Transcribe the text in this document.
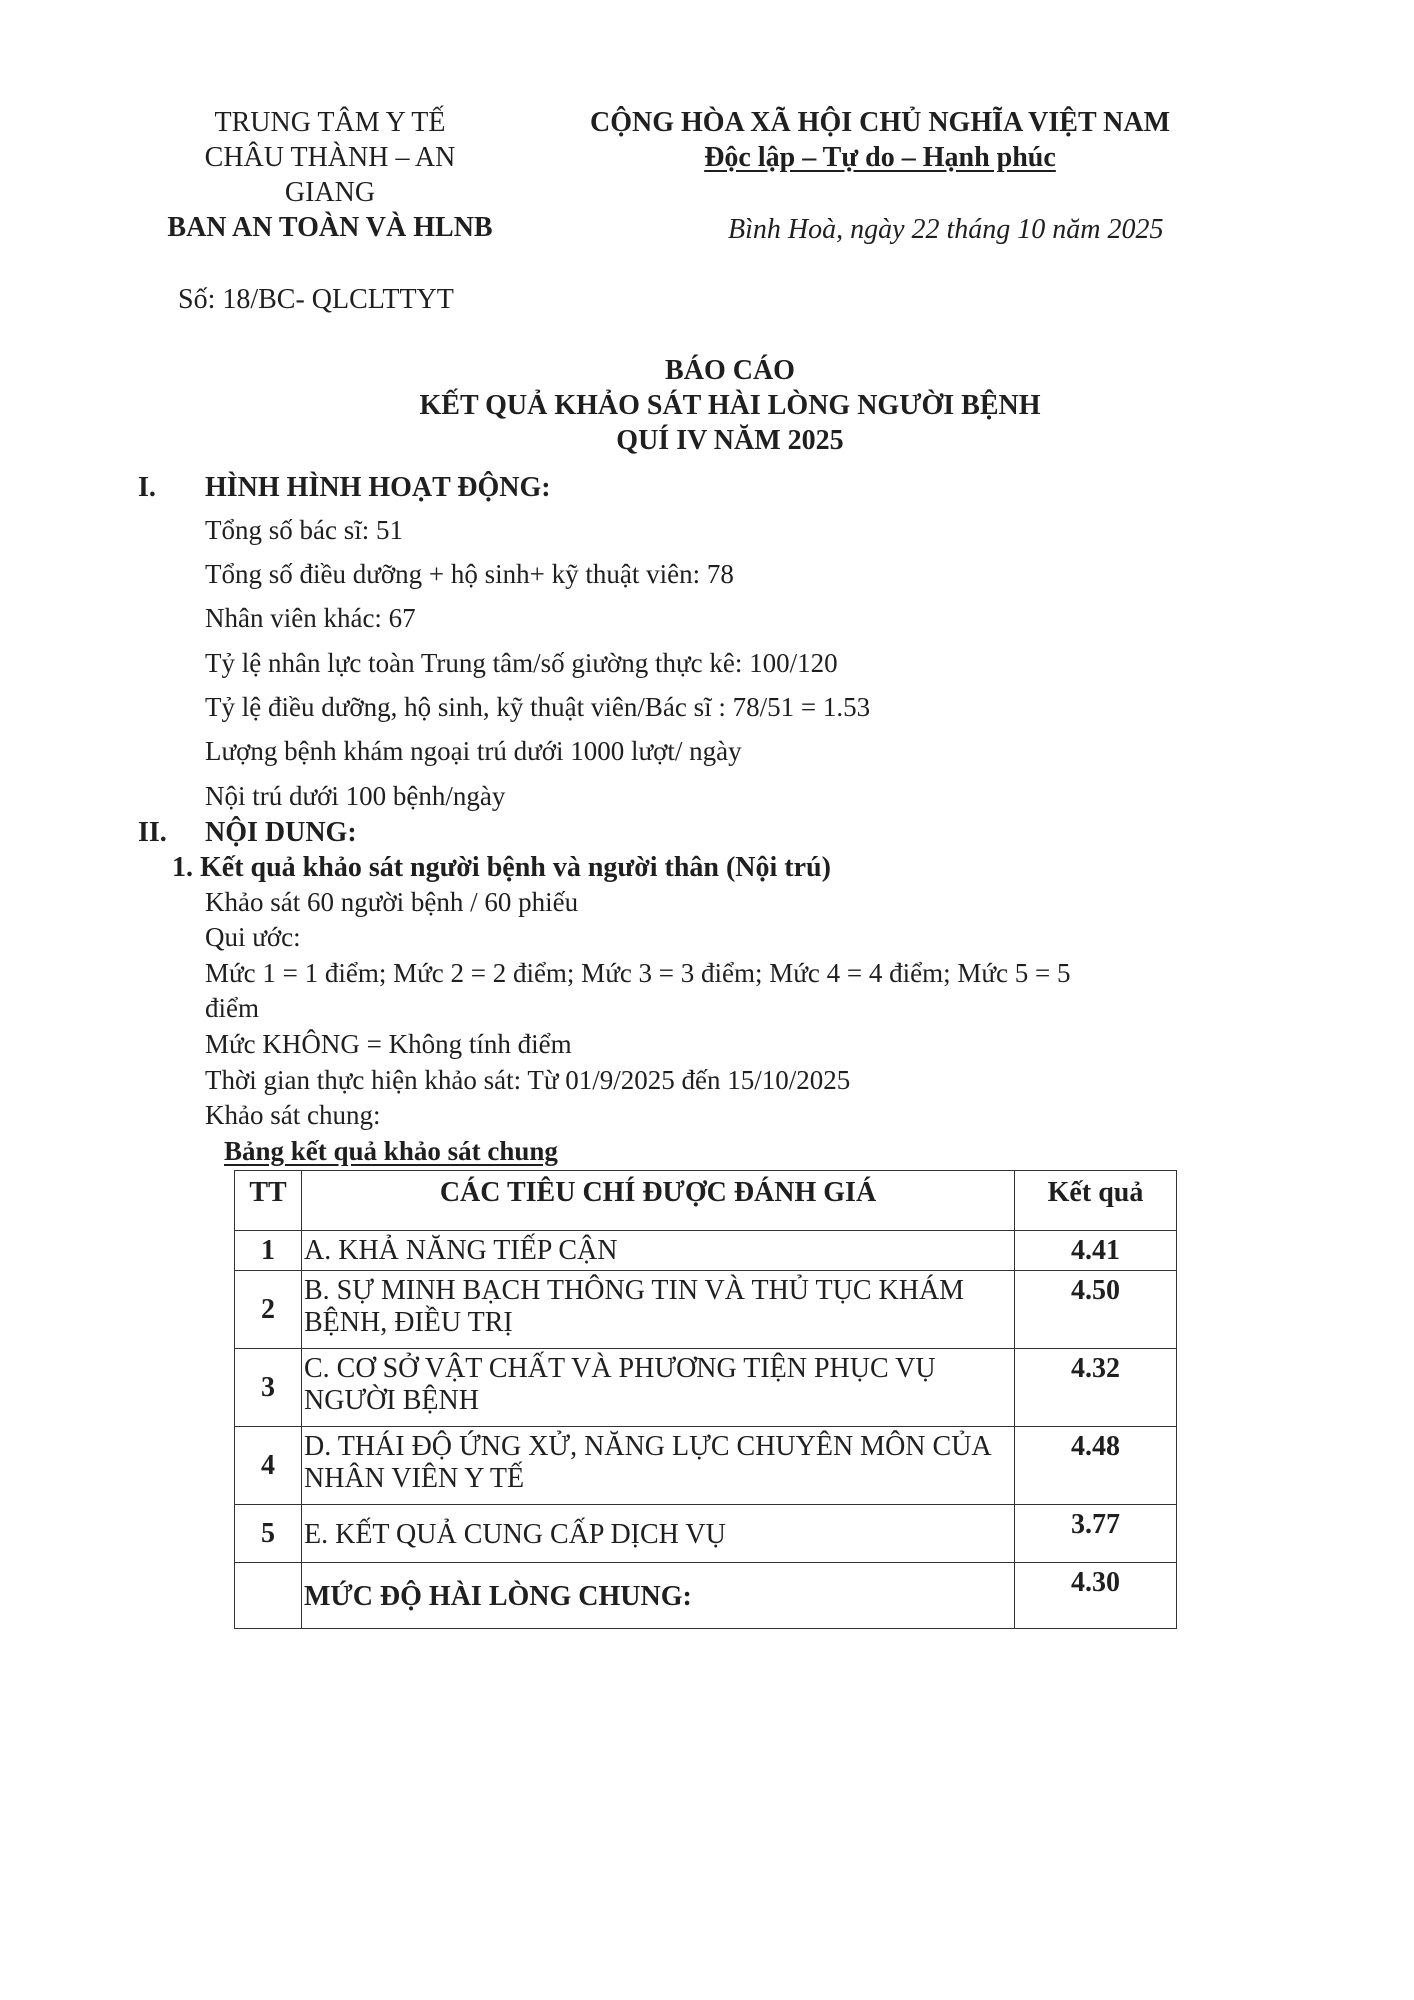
TRUNG TÂM Y TẾ
CHÂU THÀNH – AN
GIANG
BAN AN TOÀN VÀ HLNB
CỘNG HÒA XÃ HỘI CHỦ NGHĨA VIỆT NAM
Độc lập – Tự do – Hạnh phúc
Bình Hoà, ngày 22 tháng 10 năm 2025
Số: 18/BC- QLCLTTYT
BÁO CÁO
KẾT QUẢ KHẢO SÁT HÀI LÒNG NGƯỜI BỆNH
QUÍ IV NĂM 2025
I.	HÌNH HÌNH HOẠT ĐỘNG:
Tổng số bác sĩ: 51
Tổng số điều dưỡng + hộ sinh+ kỹ thuật viên: 78
Nhân viên khác: 67
Tỷ lệ nhân lực toàn Trung tâm/số giường thực kê: 100/120
Tỷ lệ điều dưỡng, hộ sinh, kỹ thuật viên/Bác sĩ : 78/51 = 1.53
Lượng bệnh khám ngoại trú dưới 1000 lượt/ ngày
Nội trú dưới 100 bệnh/ngày
II.	NỘI DUNG:
1. Kết quả khảo sát người bệnh và người thân (Nội trú)
Khảo sát 60 người bệnh / 60 phiếu
Qui ước:
Mức 1 = 1 điểm; Mức 2 = 2 điểm; Mức 3 = 3 điểm; Mức 4 = 4 điểm; Mức 5 = 5
điểm
Mức KHÔNG = Không tính điểm
Thời gian thực hiện khảo sát: Từ 01/9/2025 đến 15/10/2025
Khảo sát chung:
Bảng kết quả khảo sát chung
TT	CÁC TIÊU CHÍ ĐƯỢC ĐÁNH GIÁ	Kết quả
1	A. KHẢ NĂNG TIẾP CẬN	4.41

2	B. SỰ MINH BẠCH THÔNG TIN VÀ THỦ TỤC KHÁM BỆNH, ĐIỀU TRỊ	4.50

3	C. CƠ SỞ VẬT CHẤT VÀ PHƯƠNG TIỆN PHỤC VỤ NGƯỜI BỆNH	4.32

4	D. THÁI ĐỘ ỨNG XỬ, NĂNG LỰC CHUYÊN MÔN CỦA NHÂN VIÊN Y TẾ	4.48

5	E. KẾT QUẢ CUNG CẤP DỊCH VỤ	3.77

	MỨC ĐỘ HÀI LÒNG CHUNG:	4.30
